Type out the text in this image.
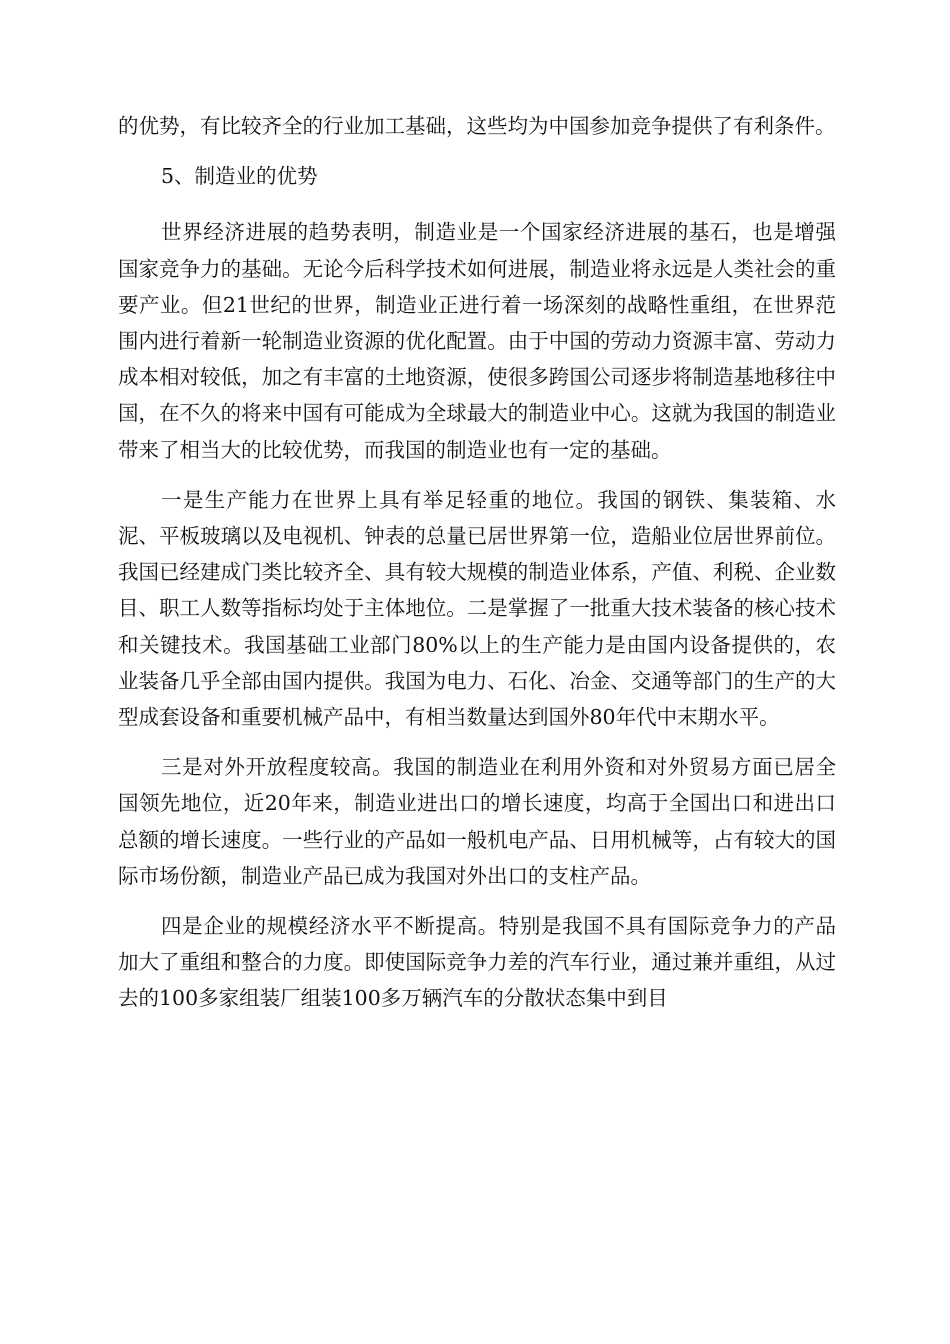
的优势，有比较齐全的行业加工基础，这些均为中国参加竞争提供了有利条件。

5、制造业的优势

世界经济进展的趋势表明，制造业是一个国家经济进展的基石，也是增强国家竞争力的基础。无论今后科学技术如何进展，制造业将永远是人类社会的重要产业。但21世纪的世界，制造业正进行着一场深刻的战略性重组，在世界范围内进行着新一轮制造业资源的优化配置。由于中国的劳动力资源丰富、劳动力成本相对较低，加之有丰富的土地资源，使很多跨国公司逐步将制造基地移往中国，在不久的将来中国有可能成为全球最大的制造业中心。这就为我国的制造业带来了相当大的比较优势，而我国的制造业也有一定的基础。

一是生产能力在世界上具有举足轻重的地位。我国的钢铁、集装箱、水泥、平板玻璃以及电视机、钟表的总量已居世界第一位，造船业位居世界前位。我国已经建成门类比较齐全、具有较大规模的制造业体系，产值、利税、企业数目、职工人数等指标均处于主体地位。二是掌握了一批重大技术装备的核心技术和关键技术。我国基础工业部门80%以上的生产能力是由国内设备提供的，农业装备几乎全部由国内提供。我国为电力、石化、冶金、交通等部门的生产的大型成套设备和重要机械产品中，有相当数量达到国外80年代中末期水平。

三是对外开放程度较高。我国的制造业在利用外资和对外贸易方面已居全国领先地位，近20年来，制造业进出口的增长速度，均高于全国出口和进出口总额的增长速度。一些行业的产品如一般机电产品、日用机械等，占有较大的国际市场份额，制造业产品已成为我国对外出口的支柱产品。

四是企业的规模经济水平不断提高。特别是我国不具有国际竞争力的产品加大了重组和整合的力度。即使国际竞争力差的汽车行业，通过兼并重组，从过去的100多家组装厂组装100多万辆汽车的分散状态集中到目
